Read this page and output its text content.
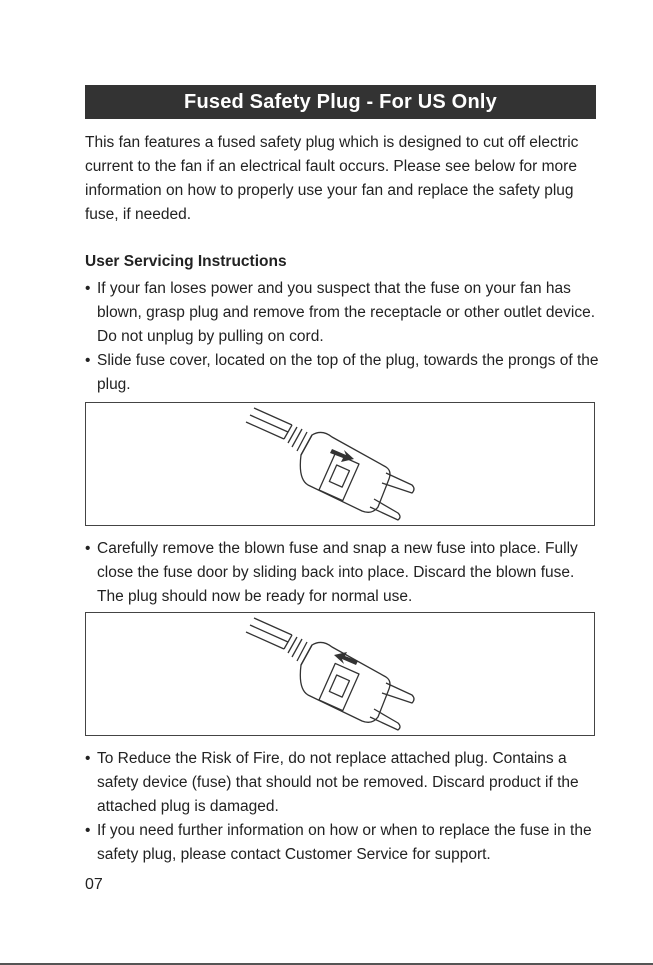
Fused Safety Plug - For US Only
This fan features a fused safety plug which is designed to cut off electric current to the fan if an electrical fault occurs. Please see below for more information on how to properly use your fan and replace the safety plug fuse, if needed.
User Servicing Instructions
• If your fan loses power and you suspect that the fuse on your fan has blown, grasp plug and remove from the receptacle or other outlet device. Do not unplug by pulling on cord.
• Slide fuse cover, located on the top of the plug, towards the prongs of the plug.
• Carefully remove the blown fuse and snap a new fuse into place. Fully close the fuse door by sliding back into place. Discard the blown fuse. The plug should now be ready for normal use.
• To Reduce the Risk of Fire, do not replace attached plug. Contains a safety device (fuse) that should not be removed. Discard product if the attached plug is damaged.
• If you need further information on how or when to replace the fuse in the safety plug, please contact Customer Service for support.
07
